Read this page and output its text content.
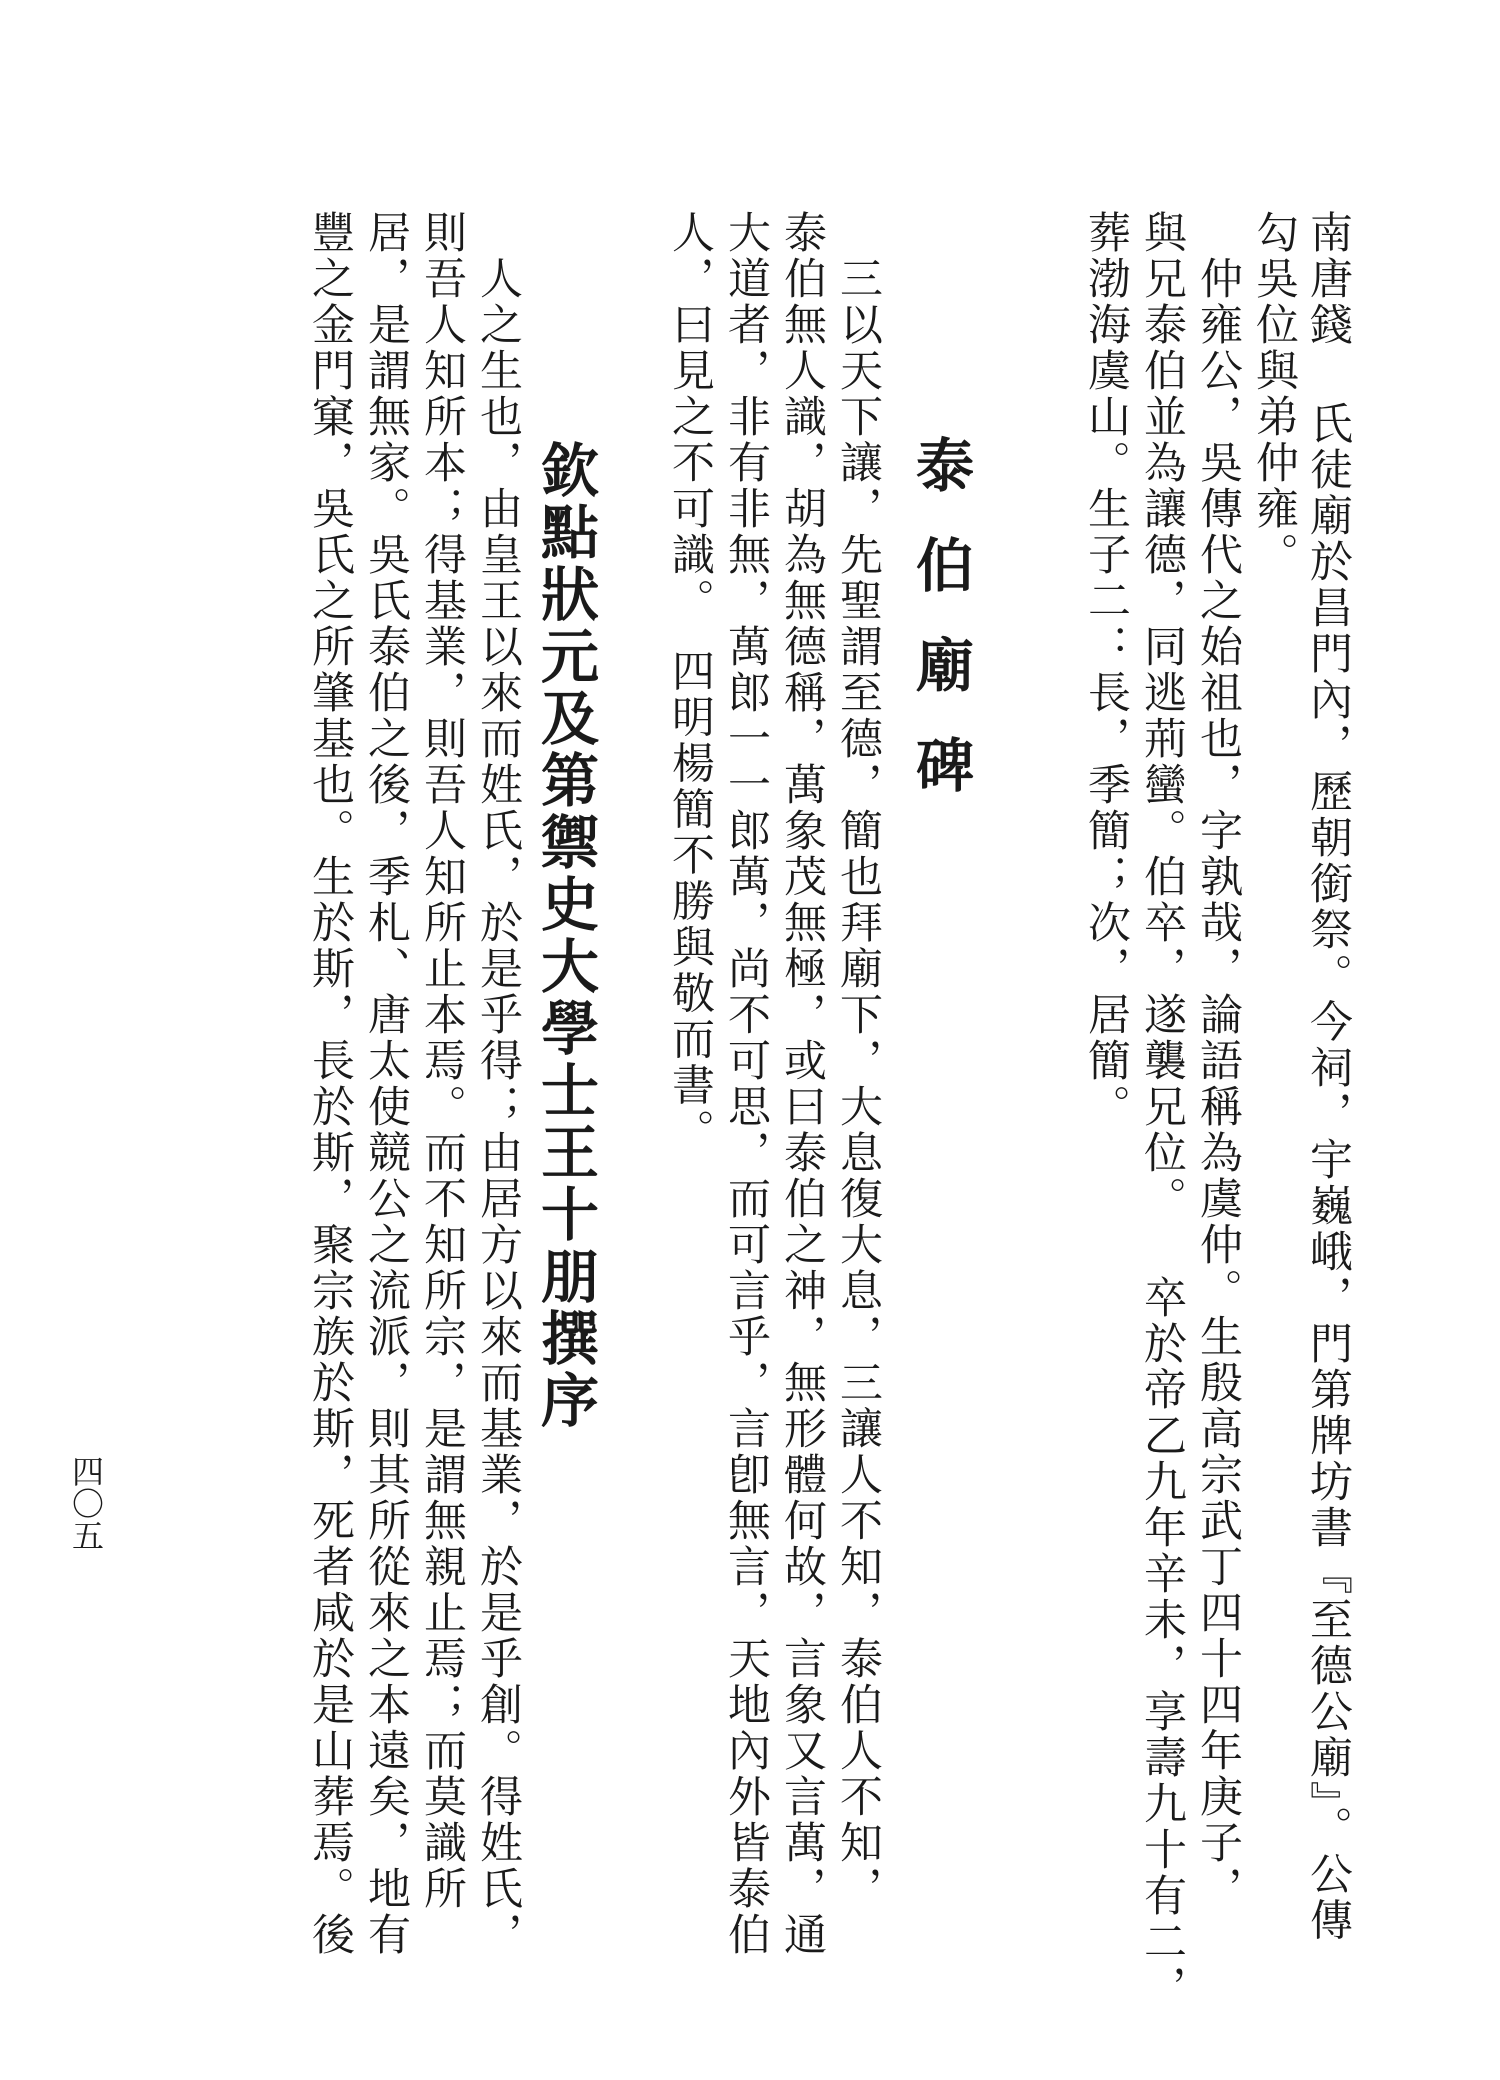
南唐錢 氏徒廟於昌門內，歷朝銜祭。今祠，宇巍峨，門第牌坊書『至德公廟』。公傳

勾吳位與弟仲雍。

　仲雍公，吳傳代之始祖也，字孰哉，論語稱為虞仲。生殷高宗武丁四十四年庚子，

與兄泰伯並為讓德，同逃荊蠻。伯卒，遂襲兄位。 卒於帝乙九年辛未，享壽九十有二，

葬渤海虞山。生子二：長，季簡；次，居簡。

泰伯廟碑

　三以天下讓，先聖謂至德，簡也拜廟下，大息復大息，三讓人不知，泰伯人不知，

泰伯無人識，胡為無德稱，萬象茂無極，或曰泰伯之神，無形體何故，言象又言萬，通

大道者，非有非無，萬郎一一郎萬，尚不可思，而可言乎，言卽無言，天地內外皆泰伯

人，曰見之不可識。　四明楊簡不勝與敬而書。

欽點狀元及第禦史大學士王十朋撰序

　人之生也，由皇王以來而姓氏，於是乎得；由居方以來而基業，於是乎創。得姓氏，

則吾人知所本；得基業，則吾人知所止本焉。而不知所宗，是謂無親止焉；而莫識所

居，是謂無家。吳氏泰伯之後，季札、唐太使競公之流派，則其所從來之本遠矣，地有

豐之金門窠，吳氏之所肇基也。生於斯，長於斯，聚宗族於斯，死者咸於是山葬焉。後

四〇五
